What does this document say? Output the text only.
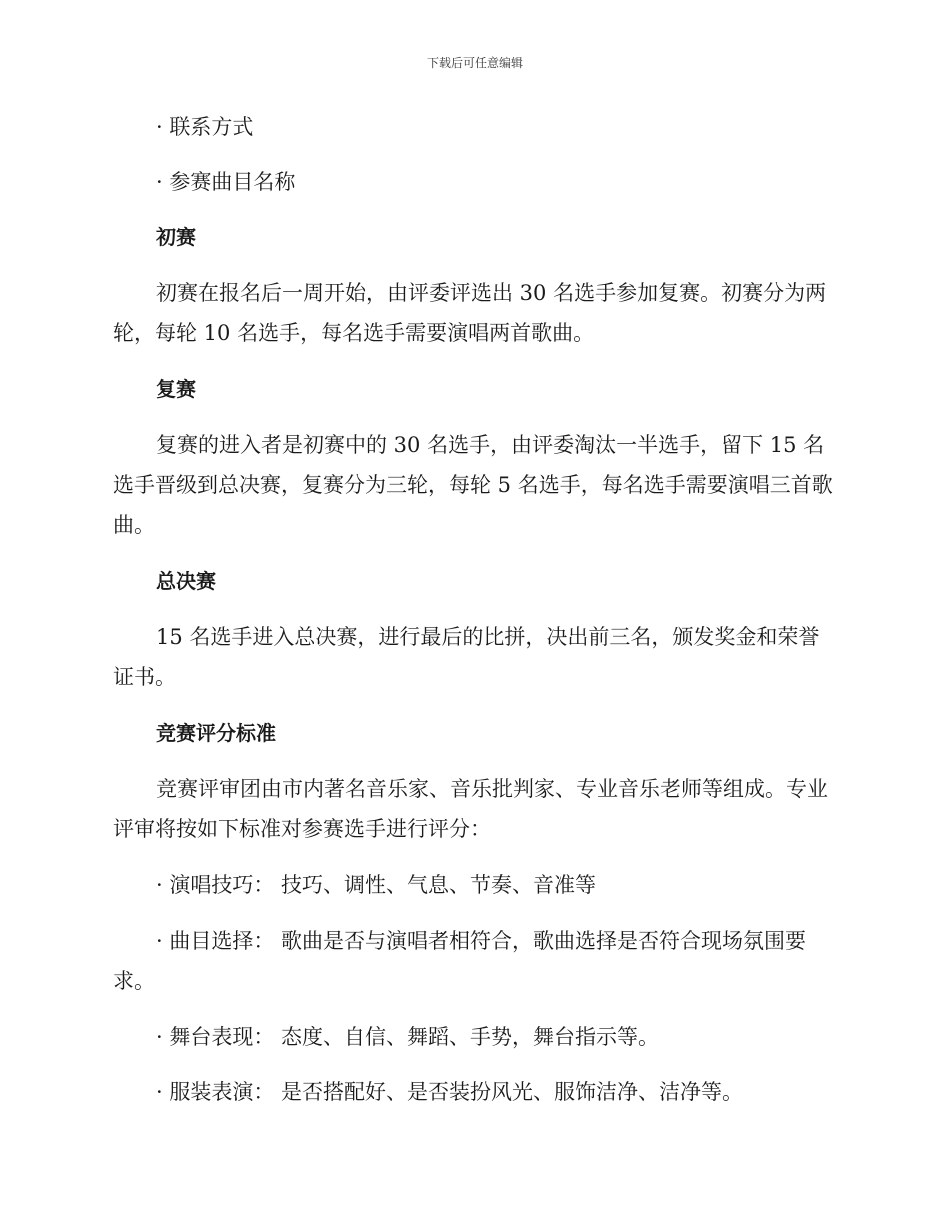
下载后可任意编辑

· 联系方式

· 参赛曲目名称

初赛

初赛在报名后一周开始，由评委评选出 30 名选手参加复赛。初赛分为两轮，每轮 10 名选手，每名选手需要演唱两首歌曲。

复赛

复赛的进入者是初赛中的 30 名选手，由评委淘汰一半选手，留下 15 名选手晋级到总决赛，复赛分为三轮，每轮 5 名选手，每名选手需要演唱三首歌曲。

总决赛

15 名选手进入总决赛，进行最后的比拼，决出前三名，颁发奖金和荣誉证书。

竞赛评分标准

竞赛评审团由市内著名音乐家、音乐批判家、专业音乐老师等组成。专业评审将按如下标准对参赛选手进行评分：

· 演唱技巧： 技巧、调性、气息、节奏、音准等

· 曲目选择： 歌曲是否与演唱者相符合，歌曲选择是否符合现场氛围要求。

· 舞台表现： 态度、自信、舞蹈、手势，舞台指示等。

· 服装表演： 是否搭配好、是否装扮风光、服饰洁净、洁净等。
